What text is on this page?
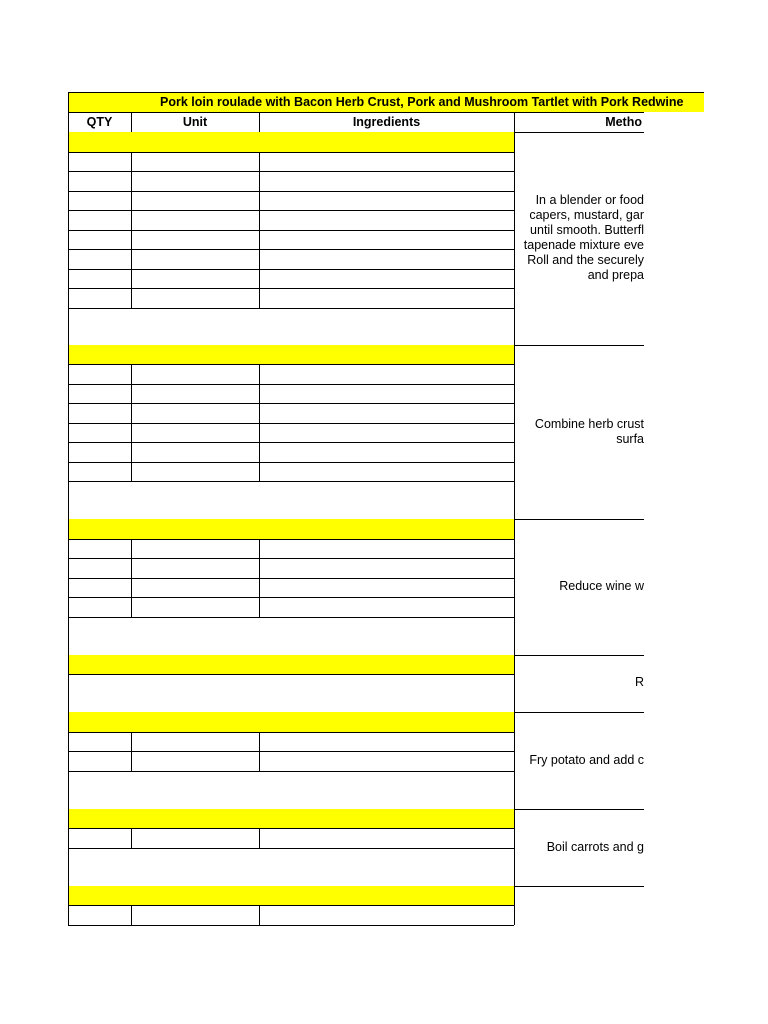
Pork loin roulade with Bacon Herb Crust, Pork and Mushroom Tartlet with Pork Redwine
QTY	Unit	Ingredients	Metho
In a blender or food
capers, mustard, gar
until smooth. Butterfl
tapenade mixture eve
Roll and the securely
and prepa
Combine herb crust
surfa
Reduce wine w
R
Fry potato and add c
Boil carrots and g
